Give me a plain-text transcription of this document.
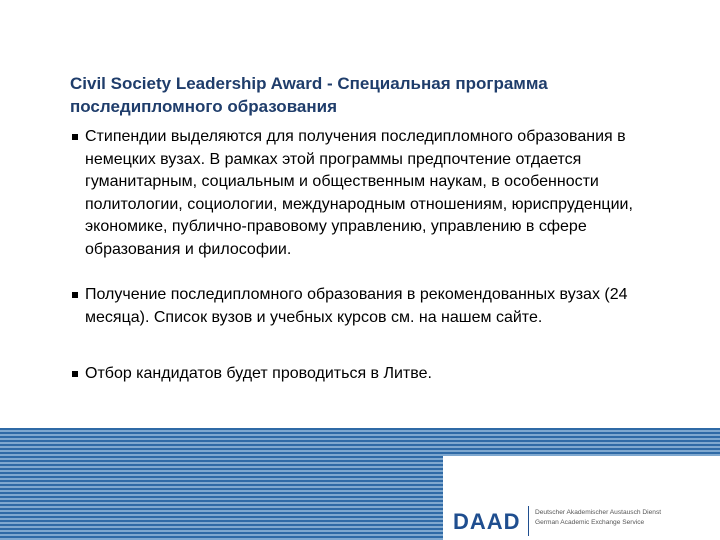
Civil Society Leadership Award - Специальная программа последипломного образования
Стипендии выделяются для получения последипломного образования в немецких вузах. В рамках этой программы предпочтение отдается гуманитарным, социальным и общественным наукам, в особенности политологии, социологии, международным отношениям, юриспруденции, экономике, публично-правовому управлению, управлению в сфере образования и философии.
Получение последипломного образования в рекомендованных вузах (24 месяца). Список вузов и учебных курсов см. на нашем сайте.
Отбор кандидатов будет проводиться в Литве.
DAAD Deutscher Akademischer Austausch Dienst
German Academic Exchange Service
